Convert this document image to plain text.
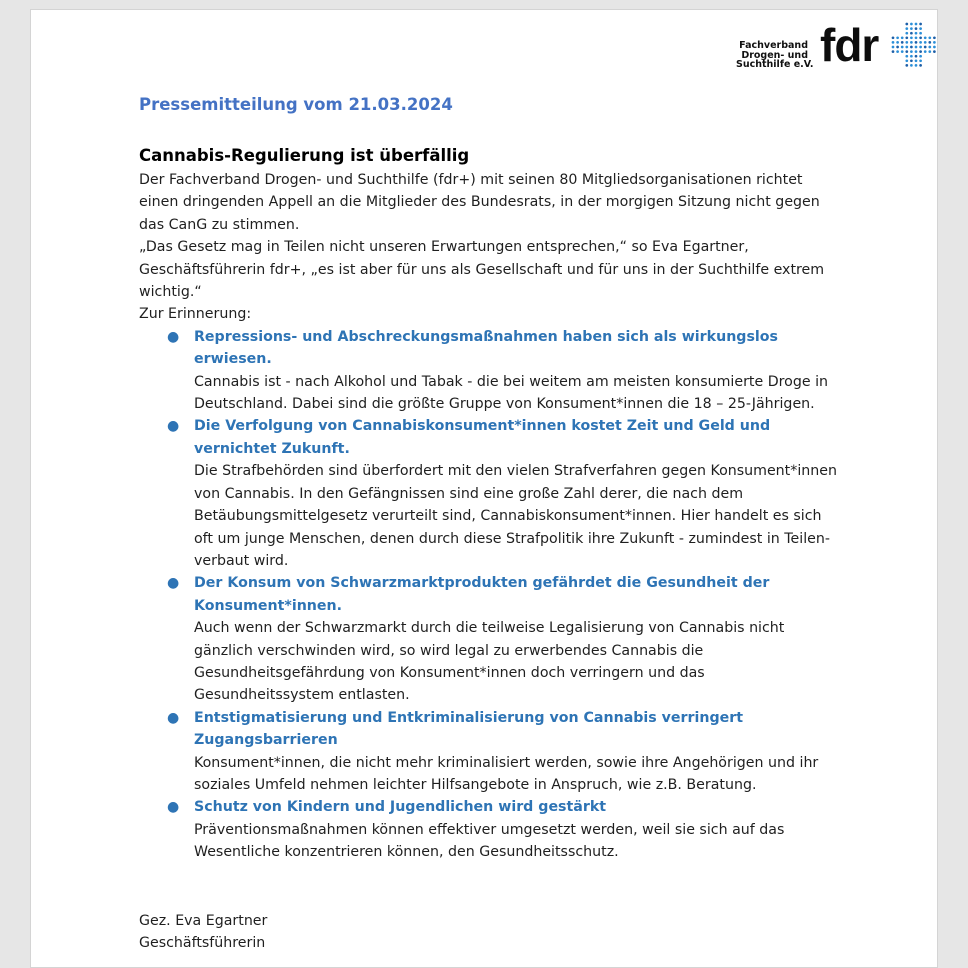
Fachverband
Drogen- und
Suchthilfe e.V. fdr
Pressemitteilung vom 21.03.2024
Cannabis-Regulierung ist überfällig

Der Fachverband Drogen- und Suchthilfe (fdr+) mit seinen 80 Mitgliedsorganisationen richtet einen dringenden Appell an die Mitglieder des Bundesrats, in der morgigen Sitzung nicht gegen das CanG zu stimmen.

„Das Gesetz mag in Teilen nicht unseren Erwartungen entsprechen,“ so Eva Egartner, Geschäftsführerin fdr+, „es ist aber für uns als Gesellschaft und für uns in der Suchthilfe extrem wichtig.“

Zur Erinnerung:

● Repressions- und Abschreckungsmaßnahmen haben sich als wirkungslos erwiesen.
Cannabis ist - nach Alkohol und Tabak - die bei weitem am meisten konsumierte Droge in Deutschland. Dabei sind die größte Gruppe von Konsument*innen die 18 – 25-Jährigen.
● Die Verfolgung von Cannabiskonsument*innen kostet Zeit und Geld und vernichtet Zukunft.
Die Strafbehörden sind überfordert mit den vielen Strafverfahren gegen Konsument*innen von Cannabis. In den Gefängnissen sind eine große Zahl derer, die nach dem Betäubungsmittelgesetz verurteilt sind, Cannabiskonsument*innen. Hier handelt es sich oft um junge Menschen, denen durch diese Strafpolitik ihre Zukunft - zumindest in Teilen- verbaut wird.
● Der Konsum von Schwarzmarktprodukten gefährdet die Gesundheit der Konsument*innen.
Auch wenn der Schwarzmarkt durch die teilweise Legalisierung von Cannabis nicht gänzlich verschwinden wird, so wird legal zu erwerbendes Cannabis die Gesundheitsgefährdung von Konsument*innen doch verringern und das Gesundheitssystem entlasten.
● Entstigmatisierung und Entkriminalisierung von Cannabis verringert Zugangsbarrieren
Konsument*innen, die nicht mehr kriminalisiert werden, sowie ihre Angehörigen und ihr soziales Umfeld nehmen leichter Hilfsangebote in Anspruch, wie z.B. Beratung.
● Schutz von Kindern und Jugendlichen wird gestärkt
Präventionsmaßnahmen können effektiver umgesetzt werden, weil sie sich auf das Wesentliche konzentrieren können, den Gesundheitsschutz.

Gez. Eva Egartner

Geschäftsführerin
